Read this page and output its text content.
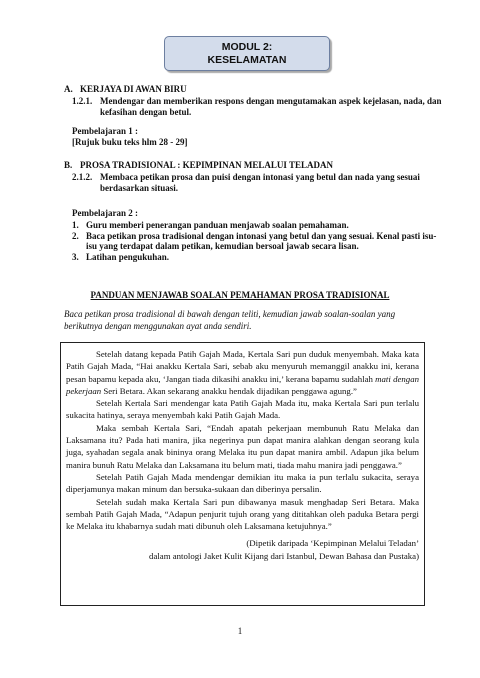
MODUL 2:
KESELAMATAN
A. KERJAYA DI AWAN BIRU
1.2.1. Mendengar dan memberikan respons dengan mengutamakan aspek kejelasan, nada, dan kefasihan dengan betul.
Pembelajaran 1 :
[Rujuk buku teks hlm 28 - 29]
B. PROSA TRADISIONAL : KEPIMPINAN MELALUI TELADAN
2.1.2. Membaca petikan prosa dan puisi dengan intonasi yang betul dan nada yang sesuai berdasarkan situasi.
Pembelajaran 2 :
1. Guru memberi penerangan panduan menjawab soalan pemahaman.
2. Baca petikan prosa tradisional dengan intonasi yang betul dan yang sesuai. Kenal pasti isu-isu yang terdapat dalam petikan, kemudian bersoal jawab secara lisan.
3. Latihan pengukuhan.
PANDUAN MENJAWAB SOALAN PEMAHAMAN PROSA TRADISIONAL
Baca petikan prosa tradisional di bawah dengan teliti, kemudian jawab soalan-soalan yang berikutnya dengan menggunakan ayat anda sendiri.

Setelah datang kepada Patih Gajah Mada, Kertala Sari pun duduk menyembah. Maka kata Patih Gajah Mada, “Hai anakku Kertala Sari, sebab aku menyuruh memanggil anakku ini, kerana pesan bapamu kepada aku, ‘Jangan tiada dikasihi anakku ini,’ kerana bapamu sudahlah mati dengan pekerjaan Seri Betara. Akan sekarang anakku hendak dijadikan penggawa agung.”

Setelah Kertala Sari mendengar kata Patih Gajah Mada itu, maka Kertala Sari pun terlalu sukacita hatinya, seraya menyembah kaki Patih Gajah Mada.

Maka sembah Kertala Sari, “Endah apatah pekerjaan membunuh Ratu Melaka dan Laksamana itu? Pada hati manira, jika negerinya pun dapat manira alahkan dengan seorang kula juga, syahadan segala anak bininya orang Melaka itu pun dapat manira ambil. Adapun jika belum manira bunuh Ratu Melaka dan Laksamana itu belum mati, tiada mahu manira jadi penggawa.”

Setelah Patih Gajah Mada mendengar demikian itu maka ia pun terlalu sukacita, seraya diperjamunya makan minum dan bersuka-sukaan dan diberinya persalin.

Setelah sudah maka Kertala Sari pun dibawanya masuk menghadap Seri Betara. Maka sembah Patih Gajah Mada, “Adapun penjurit tujuh orang yang dititahkan oleh paduka Betara pergi ke Melaka itu khabarnya sudah mati dibunuh oleh Laksamana ketujuhnya.”

(Dipetik daripada ‘Kepimpinan Melalui Teladan’

dalam antologi Jaket Kulit Kijang dari Istanbul, Dewan Bahasa dan Pustaka)

1
